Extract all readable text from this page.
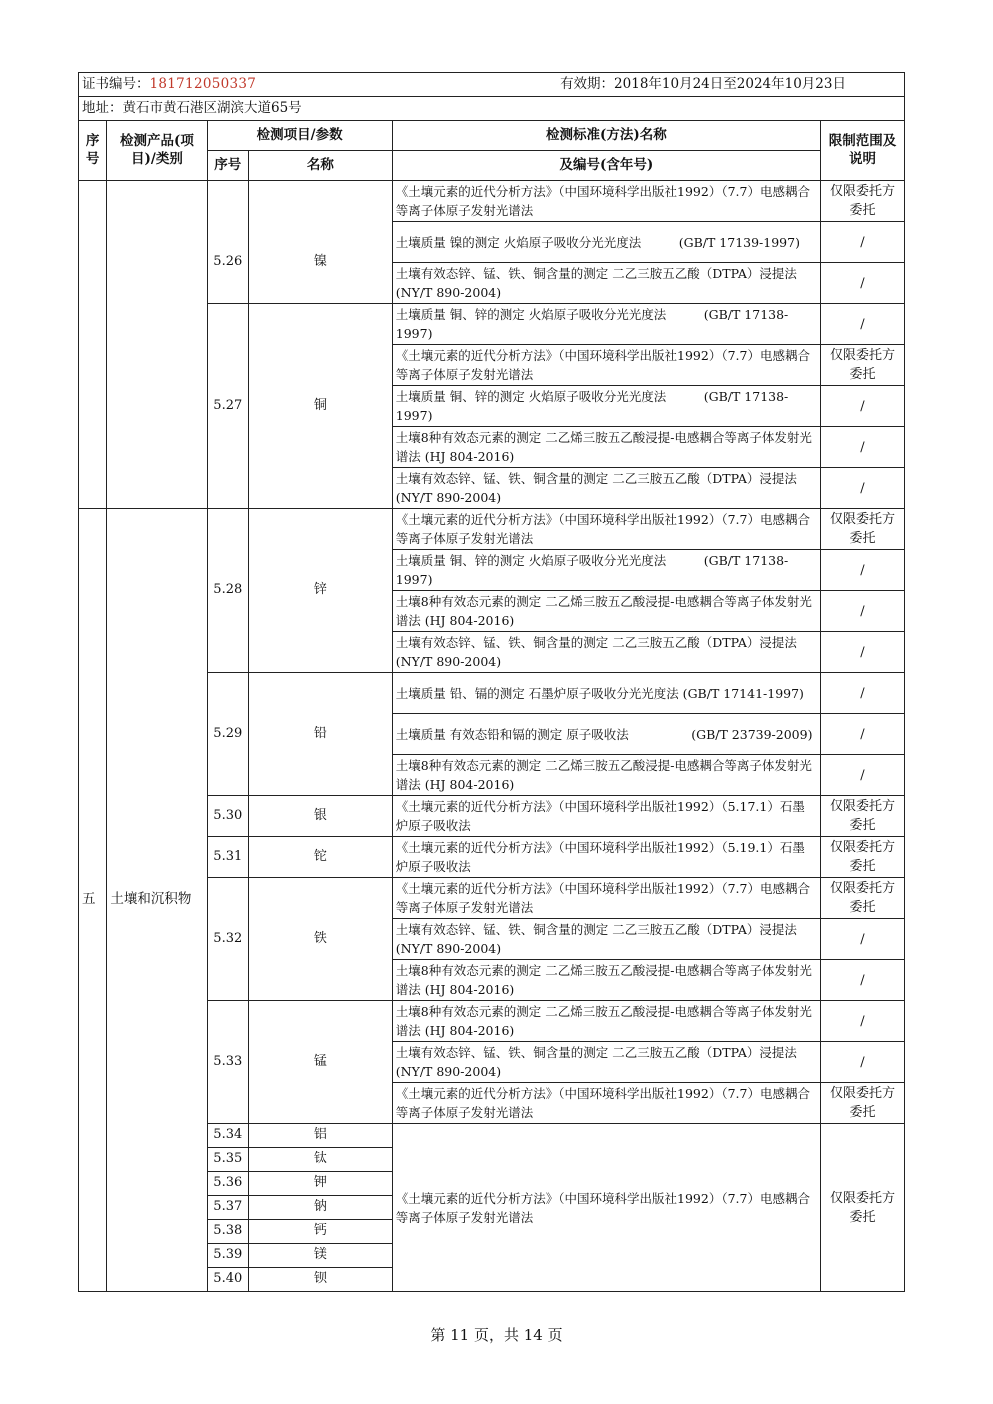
证书编号：181712050337 有效期：2018年10月24日至2024年10月23日					

地址：黄石市黄石港区湖滨大道65号					
序号	检测产品(项目)/类别	检测项目/参数		检测标准(方法)名称	限制范围及说明
		序号	名称	及编号(含年号)	
				《土壤元素的近代分析方法》（中国环境科学出版社1992）（7.7）电感耦合等离子体原子发射光谱法	仅限委托方委托
		5.26	镍	土壤质量 镍的测定 火焰原子吸收分光光度法　　　(GB/T 17139-1997)	/
				土壤有效态锌、锰、铁、铜含量的测定 二乙三胺五乙酸（DTPA）浸提法 (NY/T 890-2004)	/
		5.27	铜	土壤质量 铜、锌的测定 火焰原子吸收分光光度法　　　(GB/T 17138-1997)	/
				《土壤元素的近代分析方法》（中国环境科学出版社1992）（7.7）电感耦合等离子体原子发射光谱法	仅限委托方委托
				土壤质量 铜、锌的测定 火焰原子吸收分光光度法　　　(GB/T 17138-1997)	/
				土壤8种有效态元素的测定 二乙烯三胺五乙酸浸提-电感耦合等离子体发射光谱法 (HJ 804-2016)	/
				土壤有效态锌、锰、铁、铜含量的测定 二乙三胺五乙酸（DTPA）浸提法 (NY/T 890-2004)	/
五	土壤和沉积物	5.28	锌	《土壤元素的近代分析方法》（中国环境科学出版社1992）（7.7）电感耦合等离子体原子发射光谱法	仅限委托方委托
				土壤质量 铜、锌的测定 火焰原子吸收分光光度法　　　(GB/T 17138-1997)	/
				土壤8种有效态元素的测定 二乙烯三胺五乙酸浸提-电感耦合等离子体发射光谱法 (HJ 804-2016)	/
				土壤有效态锌、锰、铁、铜含量的测定 二乙三胺五乙酸（DTPA）浸提法 (NY/T 890-2004)	/
		5.29	铅	土壤质量 铅、镉的测定 石墨炉原子吸收分光光度法 (GB/T 17141-1997)	/
				土壤质量 有效态铅和镉的测定 原子吸收法　　　　　(GB/T 23739-2009)	/
				土壤8种有效态元素的测定 二乙烯三胺五乙酸浸提-电感耦合等离子体发射光谱法 (HJ 804-2016)	/
		5.30	银	《土壤元素的近代分析方法》（中国环境科学出版社1992）（5.17.1）石墨炉原子吸收法	仅限委托方委托
		5.31	铊	《土壤元素的近代分析方法》（中国环境科学出版社1992）（5.19.1）石墨炉原子吸收法	仅限委托方委托
		5.32	铁	《土壤元素的近代分析方法》（中国环境科学出版社1992）（7.7）电感耦合等离子体原子发射光谱法	仅限委托方委托
				土壤有效态锌、锰、铁、铜含量的测定 二乙三胺五乙酸（DTPA）浸提法 (NY/T 890-2004)	/
				土壤8种有效态元素的测定 二乙烯三胺五乙酸浸提-电感耦合等离子体发射光谱法 (HJ 804-2016)	/
		5.33	锰	土壤8种有效态元素的测定 二乙烯三胺五乙酸浸提-电感耦合等离子体发射光谱法 (HJ 804-2016)	/
				土壤有效态锌、锰、铁、铜含量的测定 二乙三胺五乙酸（DTPA）浸提法 (NY/T 890-2004)	/
				《土壤元素的近代分析方法》（中国环境科学出版社1992）（7.7）电感耦合等离子体原子发射光谱法	仅限委托方委托
		5.34	铝	《土壤元素的近代分析方法》（中国环境科学出版社1992）（7.7）电感耦合等离子体原子发射光谱法	仅限委托方委托
		5.35	钛		
		5.36	钾		
		5.37	钠		
		5.38	钙		
		5.39	镁		
		5.40	钡		
第 11 页，共 14 页
